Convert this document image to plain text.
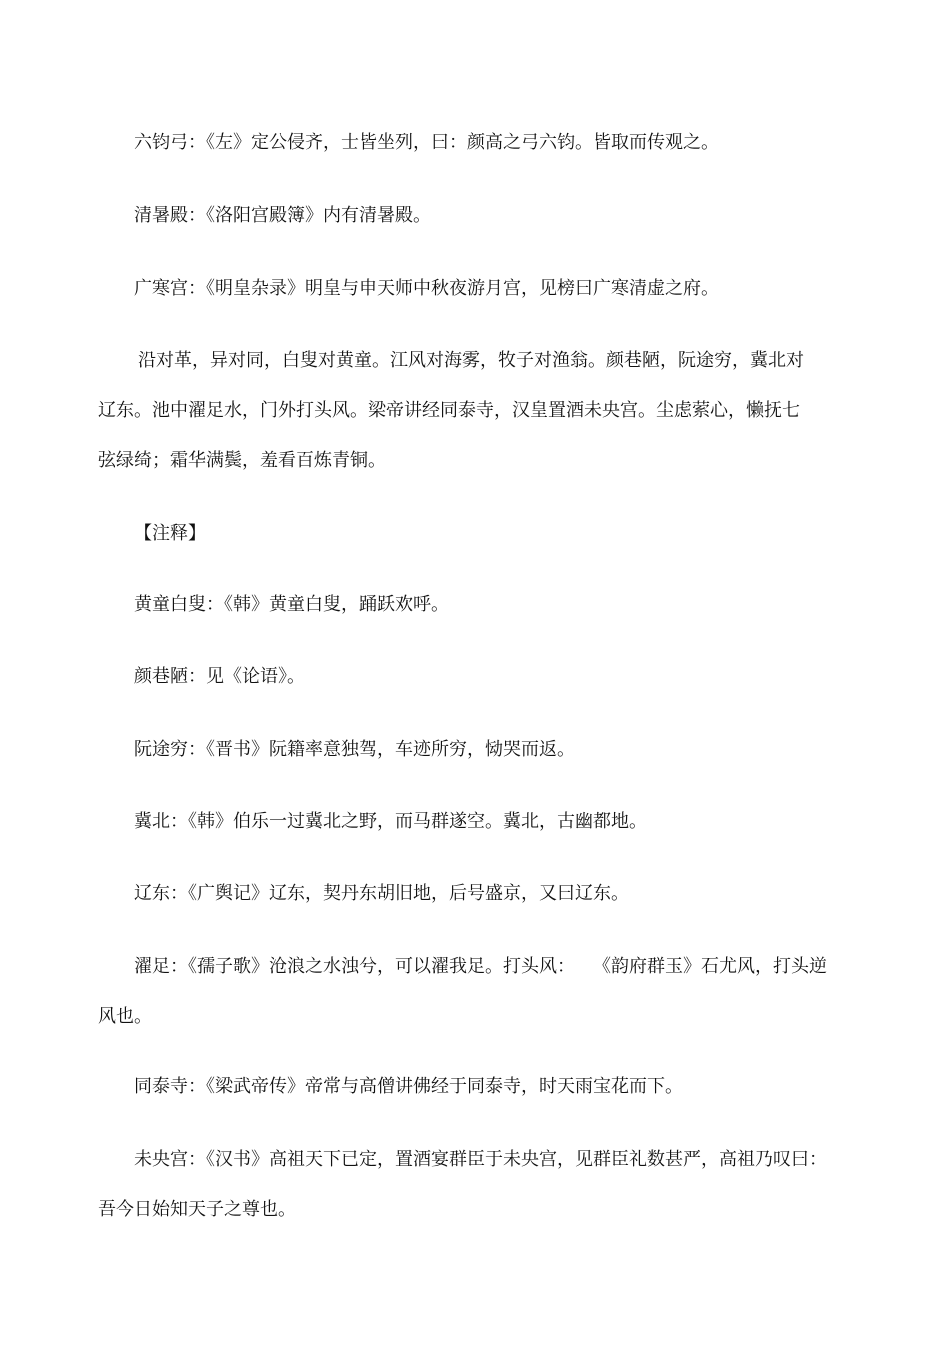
六钧弓：《左》定公侵齐，士皆坐列，曰：颜高之弓六钧。皆取而传观之。

清暑殿：《洛阳宫殿簿》内有清暑殿。

广寒宫：《明皇杂录》明皇与申天师中秋夜游月宫，见榜曰广寒清虚之府。

沿对革，异对同，白叟对黄童。江风对海雾，牧子对渔翁。颜巷陋，阮途穷，冀北对
辽东。池中濯足水，门外打头风。梁帝讲经同泰寺，汉皇置酒未央宫。尘虑萦心，懒抚七
弦绿绮；霜华满鬓，羞看百炼青铜。

【注释】

黄童白叟：《韩》黄童白叟，踊跃欢呼。

颜巷陋：见《论语》。

阮途穷：《晋书》阮籍率意独驾，车迹所穷，恸哭而返。

冀北：《韩》伯乐一过冀北之野，而马群遂空。冀北，古幽都地。

辽东：《广舆记》辽东，契丹东胡旧地，后号盛京，又曰辽东。

濯足：《孺子歌》沧浪之水浊兮，可以濯我足。打头风：　　《韵府群玉》石尤风，打头逆
风也。

同泰寺：《梁武帝传》帝常与高僧讲佛经于同泰寺，时天雨宝花而下。

未央宫：《汉书》高祖天下已定，置酒宴群臣于未央宫，见群臣礼数甚严，高祖乃叹曰：
吾今日始知天子之尊也。
